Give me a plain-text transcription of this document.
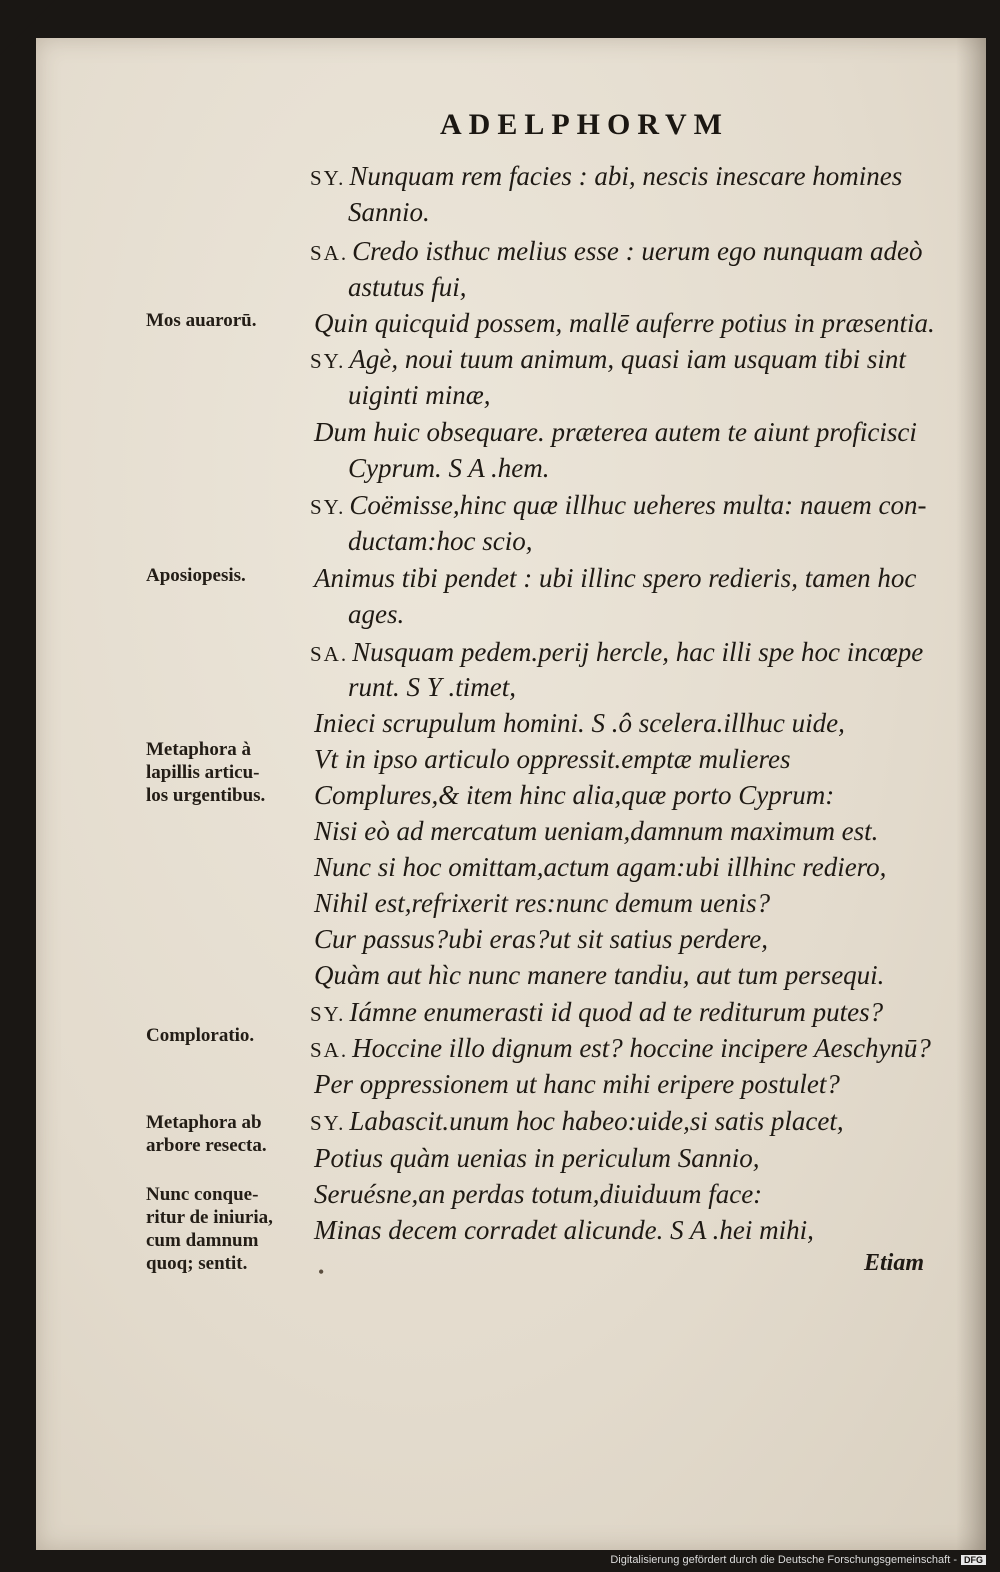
ADELPHORVM
SY. Nunquam rem facies : abi, nescis inescare homines
Sannio.
SA. Credo isthuc melius esse : uerum ego nunquam adeò
astutus fui,
Quin quicquid possem, mallē auferre potius in præsentia.
SY. Agè, noui tuum animum, quasi iam usquam tibi sint
uiginti minæ,
Dum huic obsequare. præterea autem te aiunt proficisci
Cyprum. S A .hem.
SY. Coëmisse,hinc quæ illhuc ueheres multa: nauem con-
ductam:hoc scio,
Animus tibi pendet : ubi illinc spero redieris, tamen hoc
ages.
SA. Nusquam pedem.perij hercle, hac illi spe hoc incœpe
runt. S Y .timet,
Inieci scrupulum homini. S .ô scelera.illhuc uide,
Vt in ipso articulo oppressit.emptæ mulieres
Complures,& item hinc alia,quæ porto Cyprum:
Nisi eò ad mercatum ueniam,damnum maximum est.
Nunc si hoc omittam,actum agam:ubi illhinc rediero,
Nihil est,refrixerit res:nunc demum uenis?
Cur passus?ubi eras?ut sit satius perdere,
Quàm aut hìc nunc manere tandiu, aut tum persequi.
SY. Iámne enumerasti id quod ad te rediturum putes?
SA. Hoccine illo dignum est? hoccine incipere Aeschynū?
Per oppressionem ut hanc mihi eripere postulet?
SY. Labascit.unum hoc habeo:uide,si satis placet,
Potius quàm uenias in periculum Sannio,
Seruésne,an perdas totum,diuiduum face:
Minas decem corradet alicunde. S A .hei mihi,
Mos auarorū.
Aposiopesis.
Metaphora à
lapillis articu-
los urgentibus.
Comploratio.
Metaphora ab
arbore resecta.
Nunc conque-
ritur de iniuria,
cum damnum
quoq; sentit.	•	Etiam
Digitalisierung gefördert durch die Deutsche Forschungsgemeinschaft - DFG
